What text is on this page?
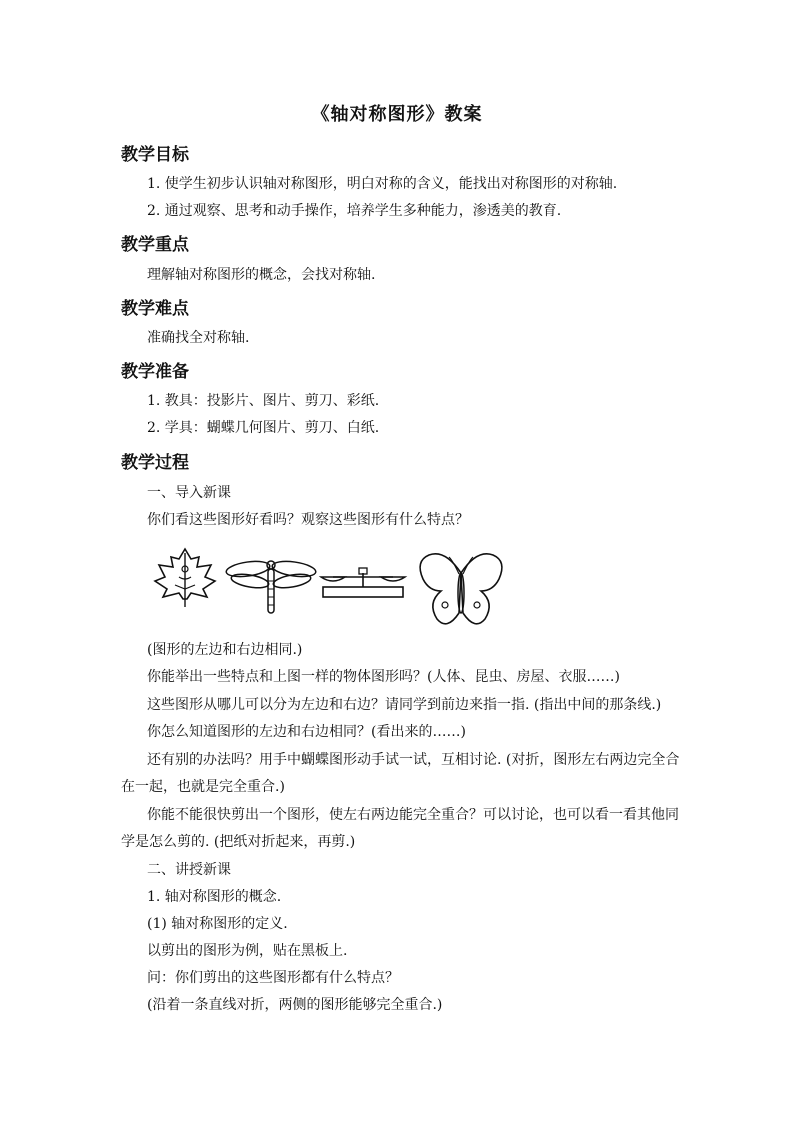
《轴对称图形》教案
教学目标
1. 使学生初步认识轴对称图形，明白对称的含义，能找出对称图形的对称轴.
2. 通过观察、思考和动手操作，培养学生多种能力，渗透美的教育.
教学重点
理解轴对称图形的概念，会找对称轴.
教学难点
准确找全对称轴.
教学准备
1. 教具：投影片、图片、剪刀、彩纸.
2. 学具：蝴蝶几何图片、剪刀、白纸.
教学过程
一、导入新课
你们看这些图形好看吗？观察这些图形有什么特点？
(图形的左边和右边相同.)
你能举出一些特点和上图一样的物体图形吗？(人体、昆虫、房屋、衣服……)
这些图形从哪儿可以分为左边和右边？请同学到前边来指一指. (指出中间的那条线.)
你怎么知道图形的左边和右边相同？(看出来的……)
还有别的办法吗？用手中蝴蝶图形动手试一试，互相讨论. (对折，图形左右两边完全合
在一起，也就是完全重合.)
你能不能很快剪出一个图形，使左右两边能完全重合？可以讨论，也可以看一看其他同
学是怎么剪的. (把纸对折起来，再剪.)
二、讲授新课
1. 轴对称图形的概念.
(1) 轴对称图形的定义.
以剪出的图形为例，贴在黑板上.
问：你们剪出的这些图形都有什么特点？
(沿着一条直线对折，两侧的图形能够完全重合.)
